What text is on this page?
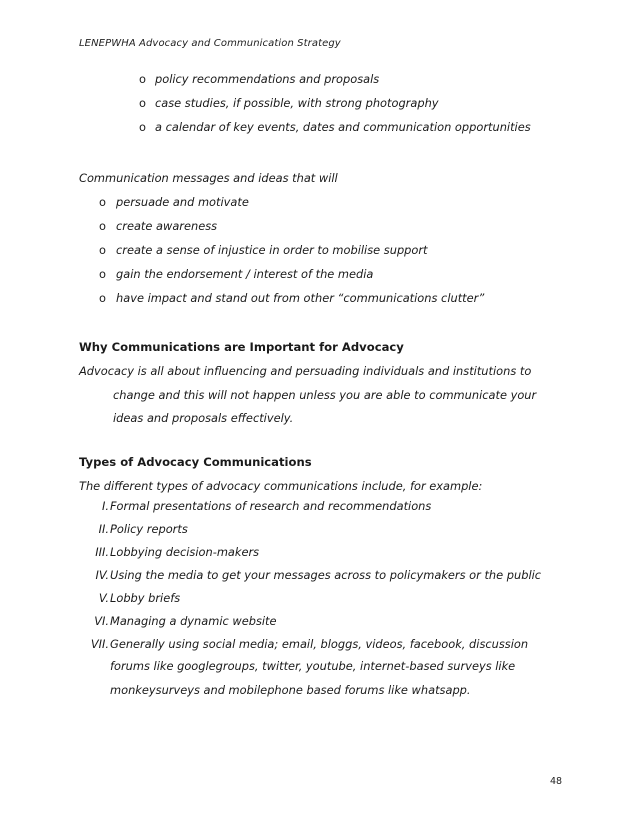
LENEPWHA Advocacy and Communication Strategy
o policy recommendations and proposals
o case studies, if possible, with strong photography
o a calendar of key events, dates and communication opportunities
Communication messages and ideas that will
o persuade and motivate
o create awareness
o create a sense of injustice in order to mobilise support
o gain the endorsement / interest of the media
o have impact and stand out from other “communications clutter”
Why Communications are Important for Advocacy
Advocacy is all about influencing and persuading individuals and institutions to
change and this will not happen unless you are able to communicate your
ideas and proposals effectively.
Types of Advocacy Communications
The different types of advocacy communications include, for example:
I. Formal presentations of research and recommendations
II. Policy reports
III. Lobbying decision-makers
IV. Using the media to get your messages across to policymakers or the public
V. Lobby briefs
VI. Managing a dynamic website
VII. Generally using social media; email, bloggs, videos, facebook, discussion
forums like googlegroups, twitter, youtube, internet-based surveys like
monkeysurveys and mobilephone based forums like whatsapp.
48
